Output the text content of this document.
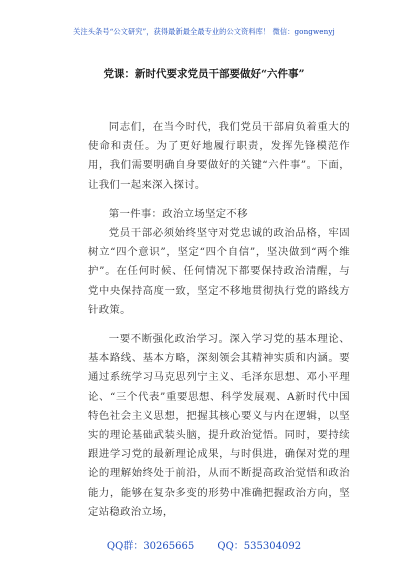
关注头条号“公文研究”，获得最新最全最专业的公文资料库！ 微信：gongwenyj
党课：新时代要求党员干部要做好“六件事”

同志们，在当今时代，我们党员干部肩负着重大的使命和责任。为了更好地履行职责，发挥先锋模范作用，我们需要明确自身要做好的关键“六件事”。下面，让我们一起来深入探讨。

第一件事：政治立场坚定不移

党员干部必须始终坚守对党忠诚的政治品格，牢固树立“四个意识”，坚定“四个自信”，坚决做到“两个维护”。在任何时候、任何情况下都要保持政治清醒，与党中央保持高度一致，坚定不移地贯彻执行党的路线方针政策。

一要不断强化政治学习。深入学习党的基本理论、基本路线、基本方略，深刻领会其精神实质和内涵。要通过系统学习马克思列宁主义、毛泽东思想、邓小平理论、“三个代表”重要思想、科学发展观、A新时代中国特色社会主义思想，把握其核心要义与内在逻辑，以坚实的理论基础武装头脑，提升政治觉悟。同时，要持续跟进学习党的最新理论成果，与时俱进，确保对党的理论的理解始终处于前沿，从而不断提高政治觉悟和政治能力，能够在复杂多变的形势中准确把握政治方向，坚定站稳政治立场，

QQ群：30265665 QQ：535304092
